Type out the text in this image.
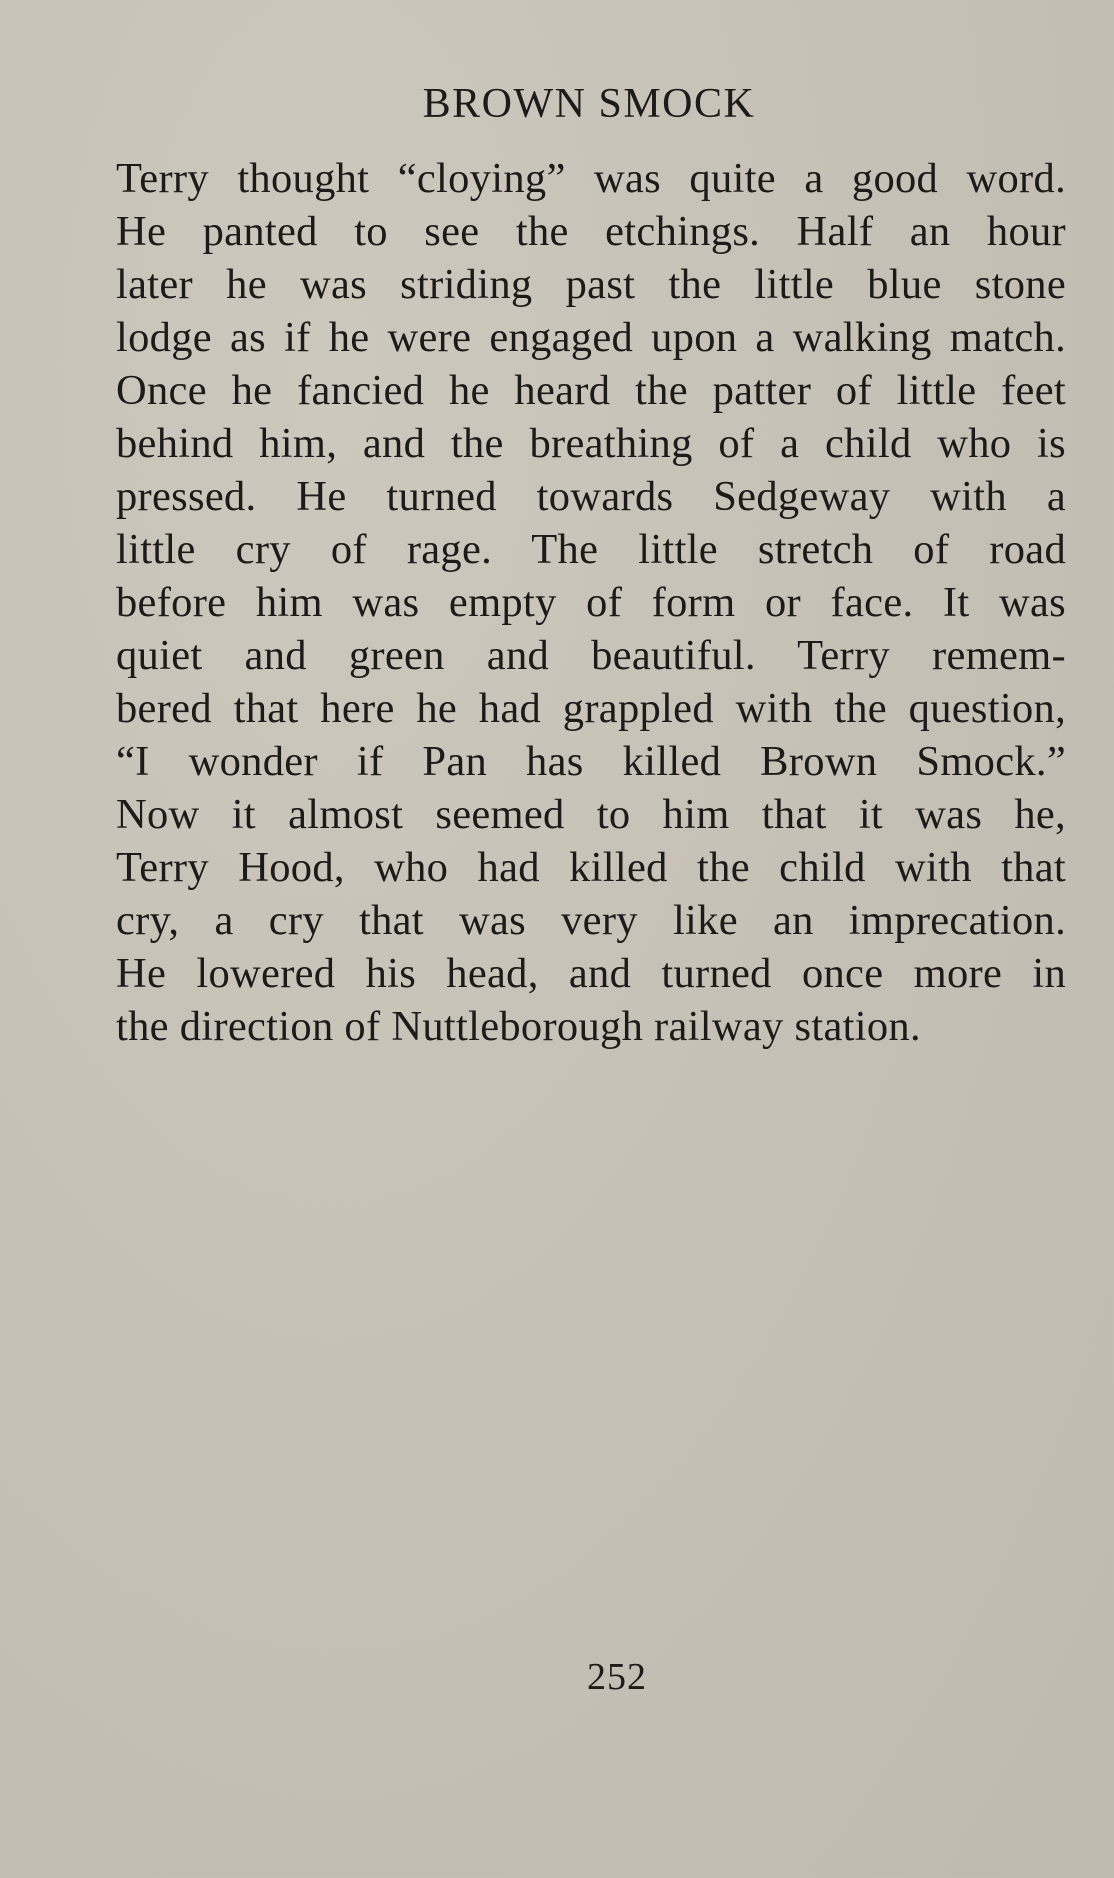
BROWN SMOCK
Terry thought “cloying” was quite a good word.
He panted to see the etchings. Half an hour
later he was striding past the little blue stone
lodge as if he were engaged upon a walking match.
Once he fancied he heard the patter of little feet
behind him, and the breathing of a child who is
pressed. He turned towards Sedgeway with a
little cry of rage. The little stretch of road
before him was empty of form or face. It was
quiet and green and beautiful. Terry remem-
bered that here he had grappled with the question,
“I wonder if Pan has killed Brown Smock.”
Now it almost seemed to him that it was he,
Terry Hood, who had killed the child with that
cry, a cry that was very like an imprecation.
He lowered his head, and turned once more in
the direction of Nuttleborough railway station.
252
